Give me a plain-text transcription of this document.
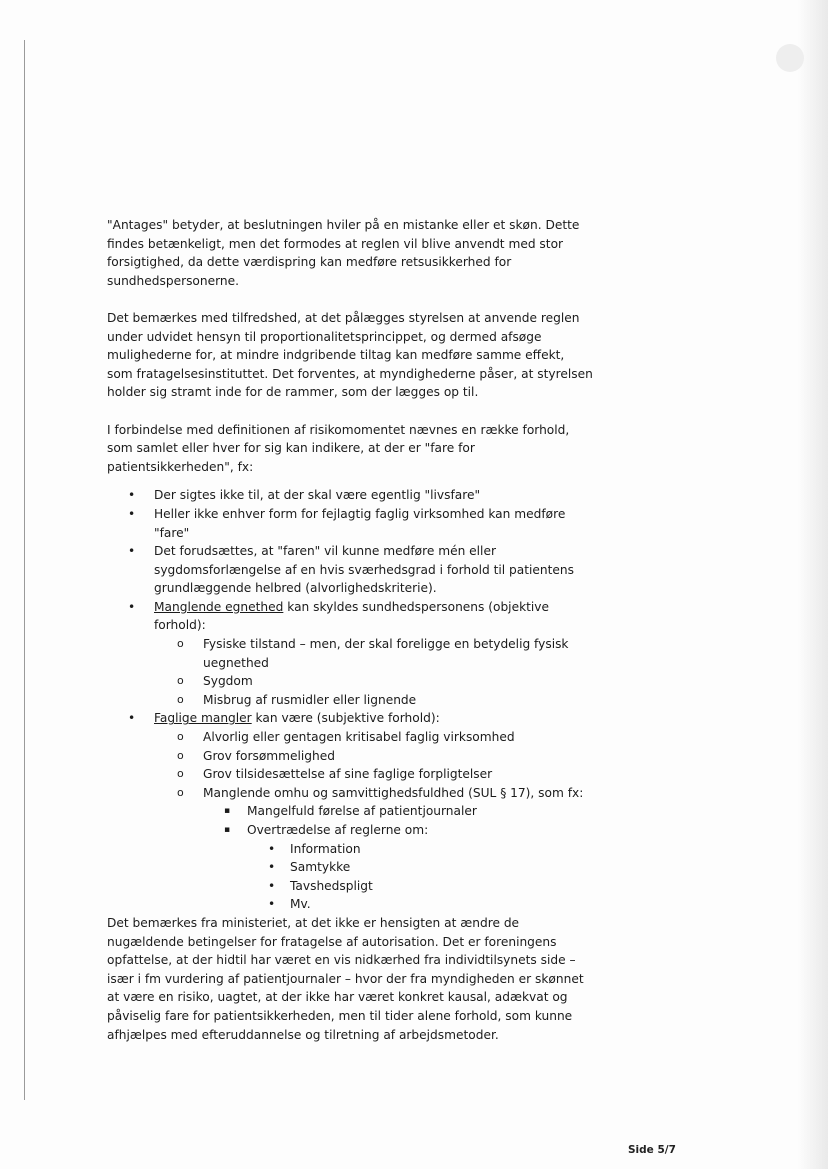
"Antages" betyder, at beslutningen hviler på en mistanke eller et skøn. Dette findes betænkeligt, men det formodes at reglen vil blive anvendt med stor forsigtighed, da dette værdispring kan medføre retsusikkerhed for sundhedspersonerne.

Det bemærkes med tilfredshed, at det pålægges styrelsen at anvende reglen under udvidet hensyn til proportionalitetsprincippet, og dermed afsøge mulighederne for, at mindre indgribende tiltag kan medføre samme effekt, som fratagelsesinstituttet. Det forventes, at myndighederne påser, at styrelsen holder sig stramt inde for de rammer, som der lægges op til.

I forbindelse med definitionen af risikomomentet nævnes en række forhold, som samlet eller hver for sig kan indikere, at der er "fare for patientsikkerheden", fx:

• Der sigtes ikke til, at der skal være egentlig "livsfare"
• Heller ikke enhver form for fejlagtig faglig virksomhed kan medføre "fare"
• Det forudsættes, at "faren" vil kunne medføre mén eller sygdomsforlængelse af en hvis sværhedsgrad i forhold til patientens grundlæggende helbred (alvorlighedskriterie).
• Manglende egnethed kan skyldes sundhedspersonens (objektive forhold):
o Fysiske tilstand – men, der skal foreligge en betydelig fysisk uegnethed
o Sygdom
o Misbrug af rusmidler eller lignende
• Faglige mangler kan være (subjektive forhold):
o Alvorlig eller gentagen kritisabel faglig virksomhed
o Grov forsømmelighed
o Grov tilsidesættelse af sine faglige forpligtelser
o Manglende omhu og samvittighedsfuldhed (SUL § 17), som fx:
▪ Mangelfuld førelse af patientjournaler
▪ Overtrædelse af reglerne om:
• Information
• Samtykke
• Tavshedspligt
• Mv.

Det bemærkes fra ministeriet, at det ikke er hensigten at ændre de nugældende betingelser for fratagelse af autorisation. Det er foreningens opfattelse, at der hidtil har været en vis nidkærhed fra individtilsynets side – især i fm vurdering af patientjournaler – hvor der fra myndigheden er skønnet at være en risiko, uagtet, at der ikke har været konkret kausal, adækvat og påviselig fare for patientsikkerheden, men til tider alene forhold, som kunne afhjælpes med efteruddannelse og tilretning af arbejdsmetoder.

Side 5/7
